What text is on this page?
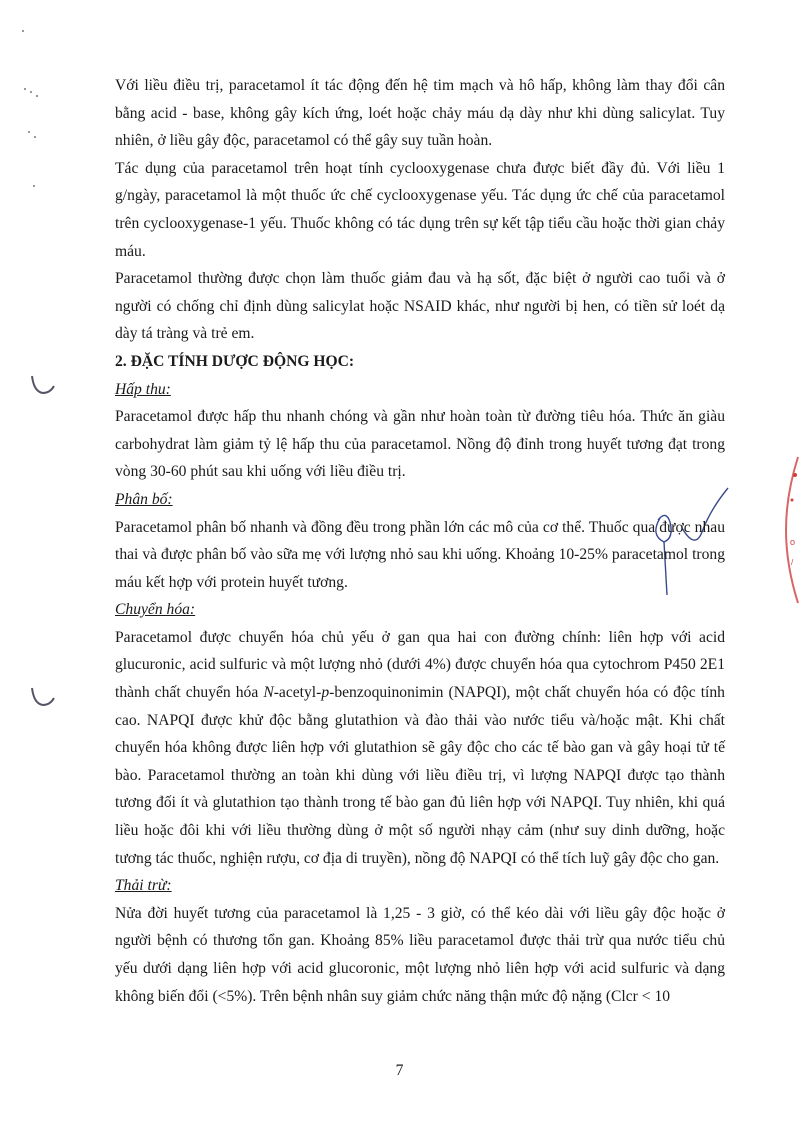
o
/

Với liều điều trị, paracetamol ít tác động đến hệ tim mạch và hô hấp, không làm thay đổi cân bằng acid - base, không gây kích ứng, loét hoặc chảy máu dạ dày như khi dùng salicylat. Tuy nhiên, ở liều gây độc, paracetamol có thể gây suy tuần hoàn.

Tác dụng của paracetamol trên hoạt tính cyclooxygenase chưa được biết đầy đủ. Với liều 1 g/ngày, paracetamol là một thuốc ức chế cyclooxygenase yếu. Tác dụng ức chế của paracetamol trên cyclooxygenase-1 yếu. Thuốc không có tác dụng trên sự kết tập tiểu cầu hoặc thời gian chảy máu.

Paracetamol thường được chọn làm thuốc giảm đau và hạ sốt, đặc biệt ở người cao tuổi và ở người có chống chỉ định dùng salicylat hoặc NSAID khác, như người bị hen, có tiền sử loét dạ dày tá tràng và trẻ em.

2. ĐẶC TÍNH DƯỢC ĐỘNG HỌC:

Hấp thu:

Paracetamol được hấp thu nhanh chóng và gần như hoàn toàn từ đường tiêu hóa. Thức ăn giàu carbohydrat làm giảm tỷ lệ hấp thu của paracetamol. Nồng độ đỉnh trong huyết tương đạt trong vòng 30-60 phút sau khi uống với liều điều trị.

Phân bố:

Paracetamol phân bố nhanh và đồng đều trong phần lớn các mô của cơ thể. Thuốc qua được nhau thai và được phân bố vào sữa mẹ với lượng nhỏ sau khi uống. Khoảng 10-25% paracetamol trong máu kết hợp với protein huyết tương.

Chuyển hóa:

Paracetamol được chuyển hóa chủ yếu ở gan qua hai con đường chính: liên hợp với acid glucuronic, acid sulfuric và một lượng nhỏ (dưới 4%) được chuyển hóa qua cytochrom P450 2E1 thành chất chuyển hóa N-acetyl-p-benzoquinonimin (NAPQI), một chất chuyển hóa có độc tính cao. NAPQI được khử độc bằng glutathion và đào thải vào nước tiểu và/hoặc mật. Khi chất chuyển hóa không được liên hợp với glutathion sẽ gây độc cho các tế bào gan và gây hoại tử tế bào. Paracetamol thường an toàn khi dùng với liều điều trị, vì lượng NAPQI được tạo thành tương đối ít và glutathion tạo thành trong tế bào gan đủ liên hợp với NAPQI. Tuy nhiên, khi quá liều hoặc đôi khi với liều thường dùng ở một số người nhạy cảm (như suy dinh dưỡng, hoặc tương tác thuốc, nghiện rượu, cơ địa di truyền), nồng độ NAPQI có thể tích luỹ gây độc cho gan.

Thải trừ:

Nửa đời huyết tương của paracetamol là 1,25 - 3 giờ, có thể kéo dài với liều gây độc hoặc ở người bệnh có thương tổn gan. Khoảng 85% liều paracetamol được thải trừ qua nước tiểu chủ yếu dưới dạng liên hợp với acid glucoronic, một lượng nhỏ liên hợp với acid sulfuric và dạng không biến đổi (<5%). Trên bệnh nhân suy giảm chức năng thận mức độ nặng (Clcr < 10

7
